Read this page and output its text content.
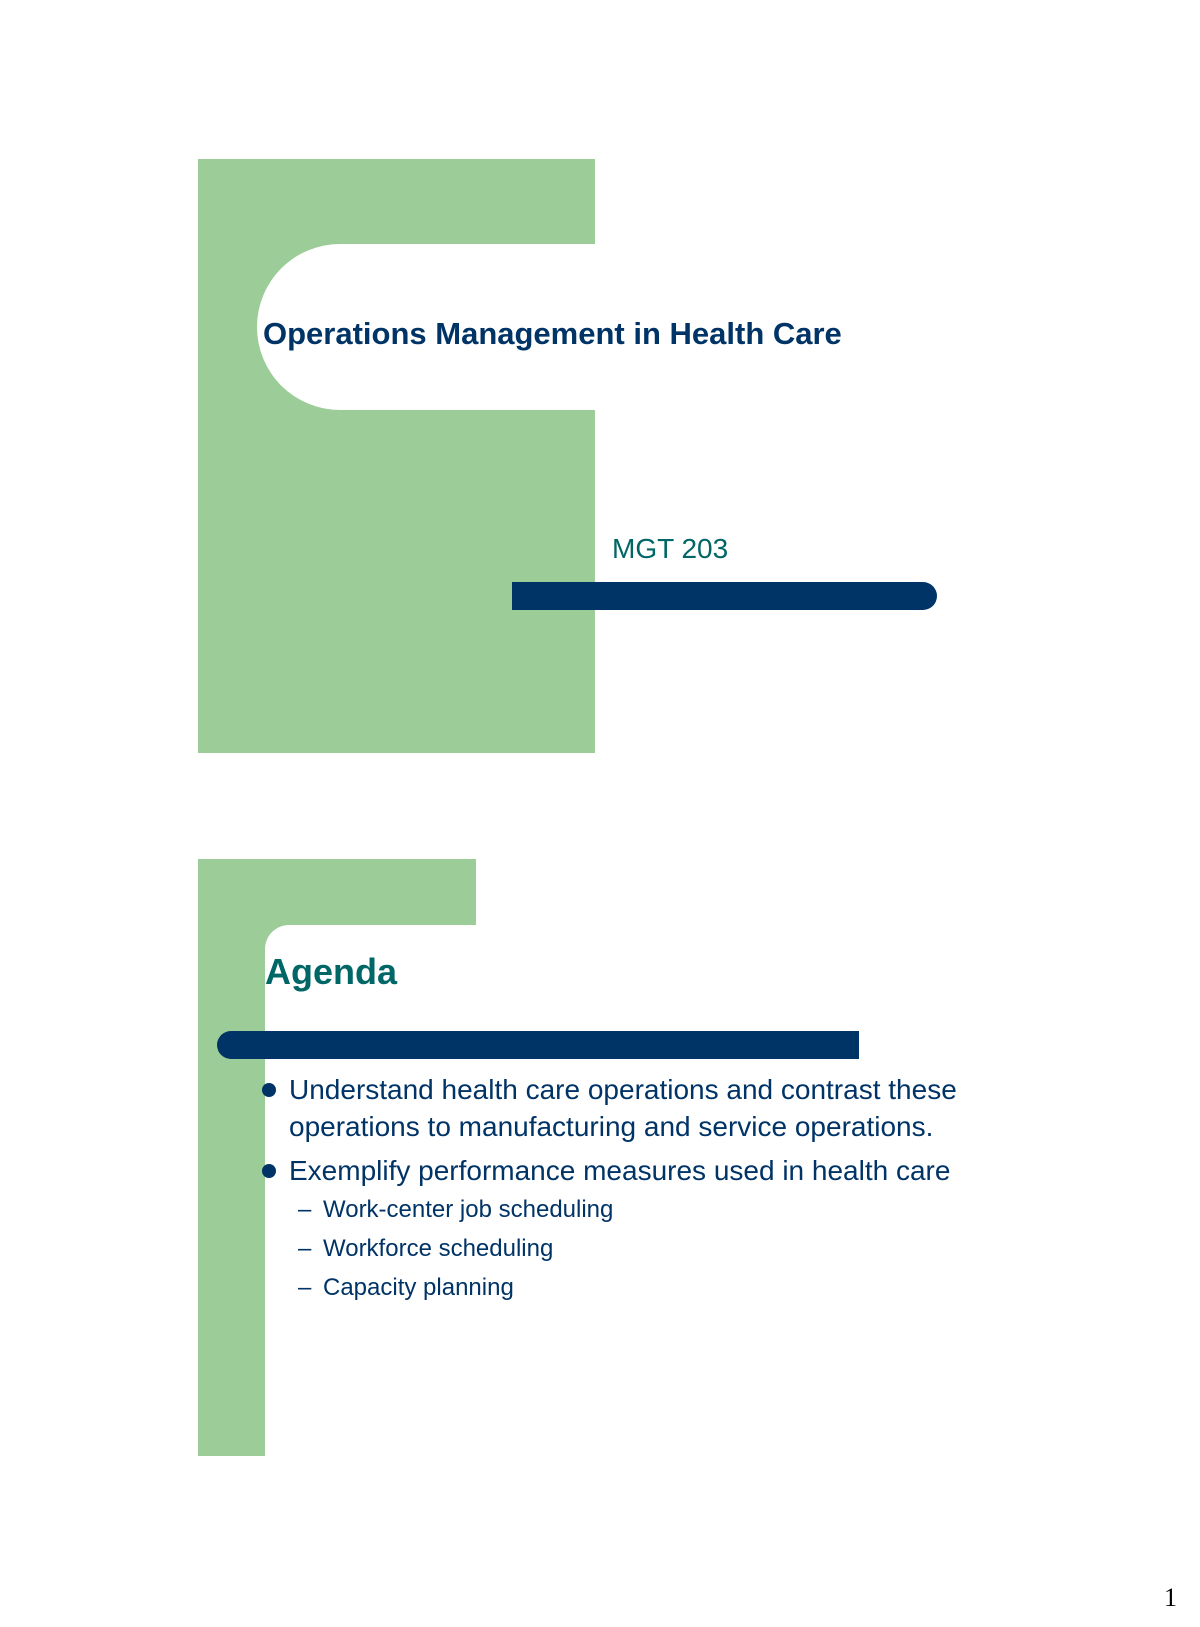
Operations Management in Health Care
MGT 203
Agenda
Understand health care operations and contrast these operations to manufacturing and service operations.
Exemplify performance measures used in health care
– Work-center job scheduling
– Workforce scheduling
– Capacity planning
1
